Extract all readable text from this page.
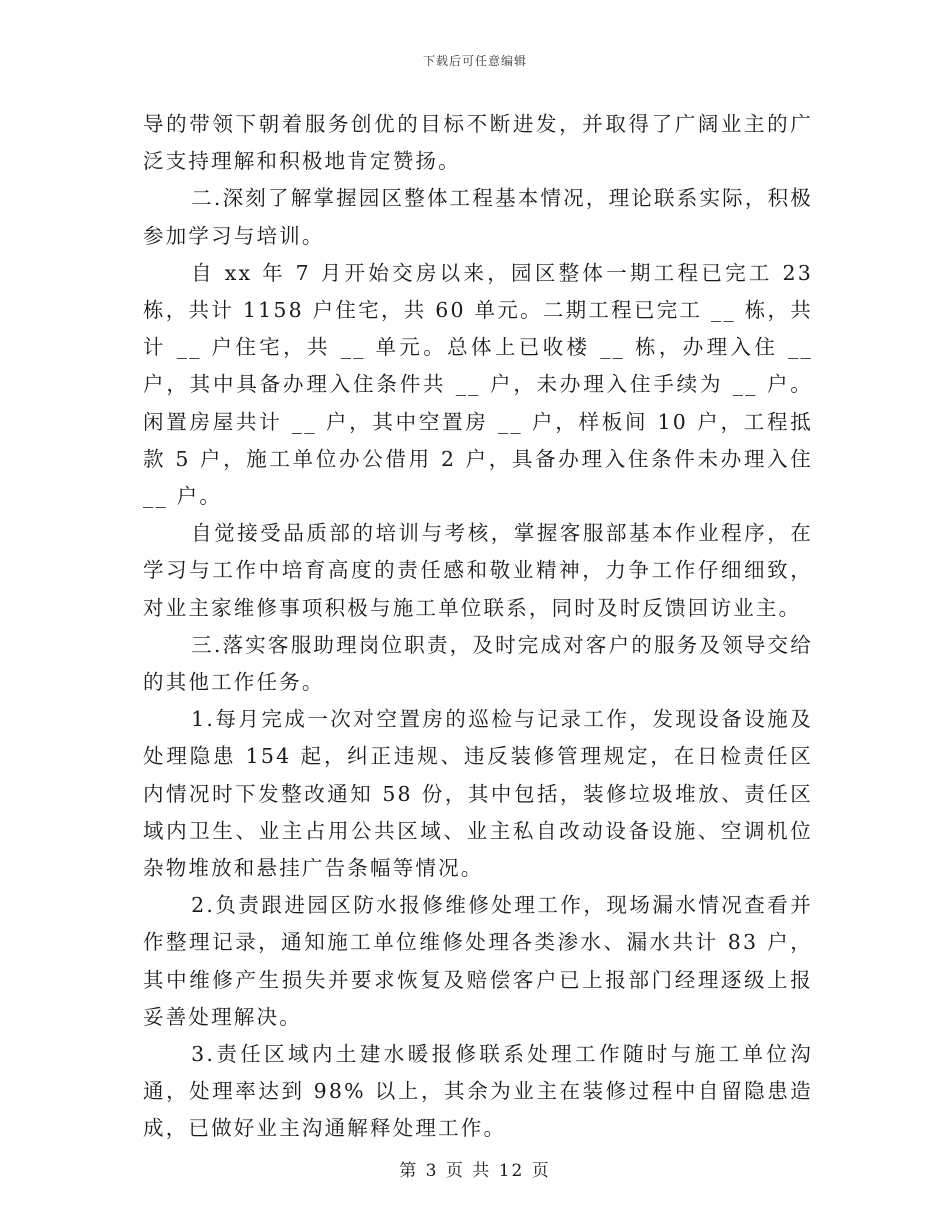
下载后可任意编辑

导的带领下朝着服务创优的目标不断进发，并取得了广阔业主的广泛支持理解和积极地肯定赞扬。

二.深刻了解掌握园区整体工程基本情况，理论联系实际，积极参加学习与培训。

自 xx 年 7 月开始交房以来，园区整体一期工程已完工 23 栋，共计 1158 户住宅，共 60 单元。二期工程已完工 __ 栋，共计 __ 户住宅，共 __ 单元。总体上已收楼 __ 栋，办理入住 __ 户，其中具备办理入住条件共 __ 户，未办理入住手续为 __ 户。闲置房屋共计 __ 户，其中空置房 __ 户，样板间 10 户，工程抵款 5 户，施工单位办公借用 2 户，具备办理入住条件未办理入住 __ 户。

自觉接受品质部的培训与考核，掌握客服部基本作业程序，在学习与工作中培育高度的责任感和敬业精神，力争工作仔细细致，对业主家维修事项积极与施工单位联系，同时及时反馈回访业主。

三.落实客服助理岗位职责，及时完成对客户的服务及领导交给的其他工作任务。

1.每月完成一次对空置房的巡检与记录工作，发现设备设施及处理隐患 154 起，纠正违规、违反装修管理规定，在日检责任区内情况时下发整改通知 58 份，其中包括，装修垃圾堆放、责任区域内卫生、业主占用公共区域、业主私自改动设备设施、空调机位杂物堆放和悬挂广告条幅等情况。

2.负责跟进园区防水报修维修处理工作，现场漏水情况查看并作整理记录，通知施工单位维修处理各类渗水、漏水共计 83 户，其中维修产生损失并要求恢复及赔偿客户已上报部门经理逐级上报妥善处理解决。

3.责任区域内土建水暖报修联系处理工作随时与施工单位沟通，处理率达到 98% 以上，其余为业主在装修过程中自留隐患造成，已做好业主沟通解释处理工作。

第 3 页 共 12 页
